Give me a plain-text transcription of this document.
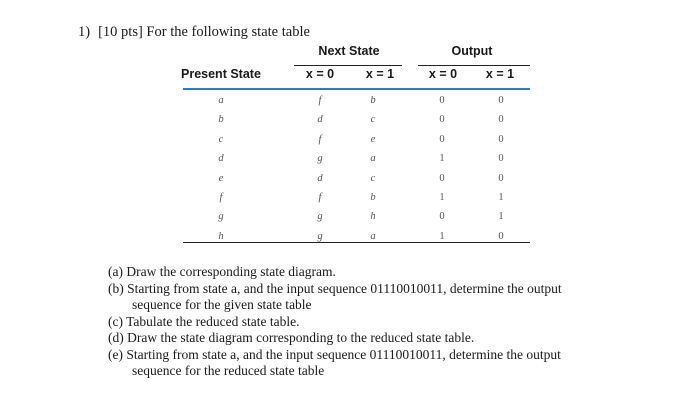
1) [10 pts] For the following state table
Next State	Output
Present State	x = 0	x = 1	x = 0	x = 1
a	f	b	0	0
b	d	c	0	0
c	f	e	0	0
d	g	a	1	0
e	d	c	0	0
f	f	b	1	1
g	g	h	0	1
h	g	a	1	0
(a) Draw the corresponding state diagram.
(b) Starting from state a, and the input sequence 01110010011, determine the output
sequence for the given state table
(c) Tabulate the reduced state table.
(d) Draw the state diagram corresponding to the reduced state table.
(e) Starting from state a, and the input sequence 01110010011, determine the output
sequence for the reduced state table
